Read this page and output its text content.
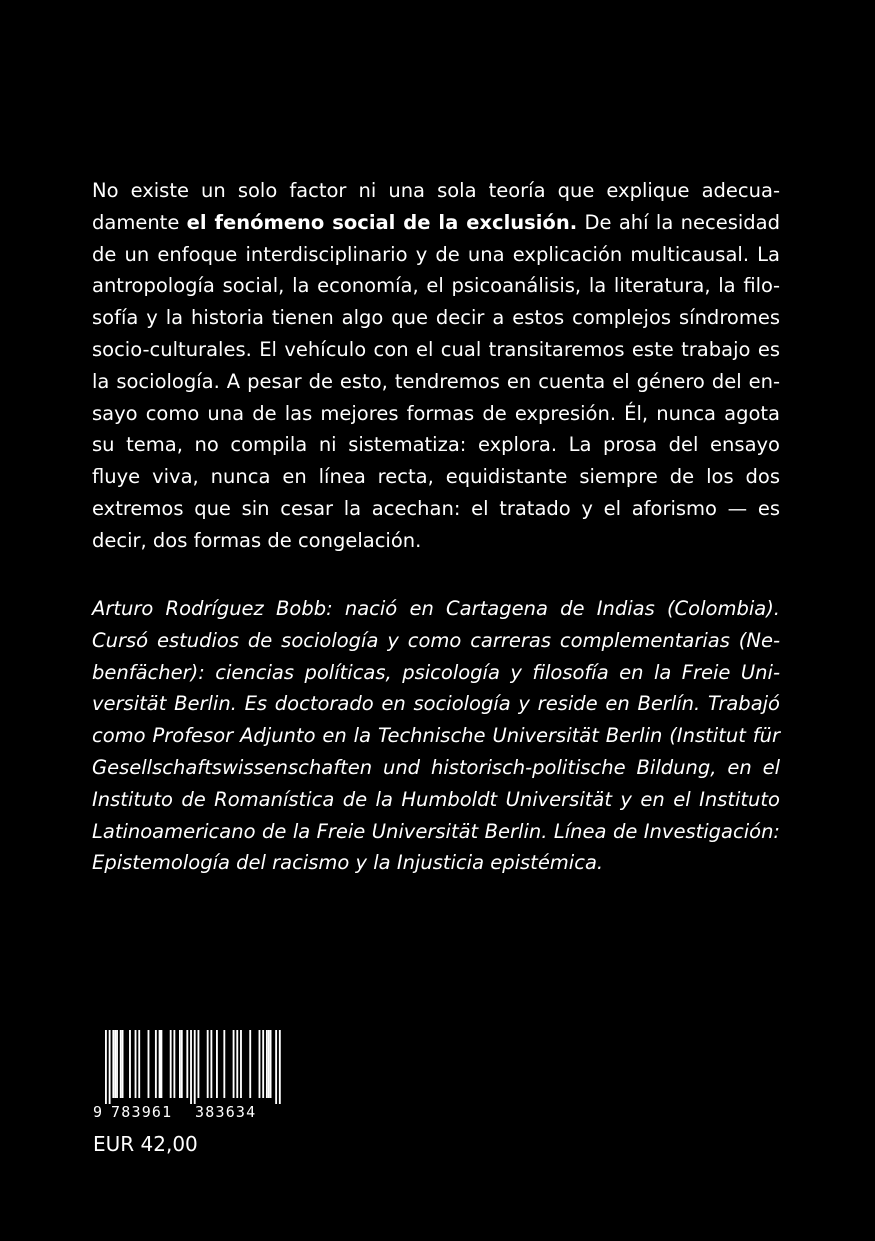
No existe un solo factor ni una sola teoría que explique adecuadamente el fenómeno social de la exclusión. De ahí la necesidad de un enfoque interdisciplinario y de una explicación multicausal. La antropología social, la economía, el psicoanálisis, la literatura, la filosofía y la historia tienen algo que decir a estos complejos síndromes socio-culturales. El vehículo con el cual transitaremos este trabajo es la sociología. A pesar de esto, tendremos en cuenta el género del ensayo como una de las mejores formas de expresión. Él, nunca agota su tema, no compila ni sistematiza: explora. La prosa del ensayo fluye viva, nunca en línea recta, equidistante siempre de los dos extremos que sin cesar la acechan: el tratado y el aforismo — es decir, dos formas de congelación.

Arturo Rodríguez Bobb: nació en Cartagena de Indias (Colombia). Cursó estudios de sociología y como carreras complementarias (Nebenfächer): ciencias políticas, psicología y filosofía en la Freie Universität Berlin. Es doctorado en sociología y reside en Berlín. Trabajó como Profesor Adjunto en la Technische Universität Berlin (Institut für Gesellschaftswissenschaften und historisch-politische Bildung, en el Instituto de Romanística de la Humboldt Universität y en el Instituto Latinoamericano de la Freie Universität Berlin. Línea de Investigación: Epistemología del racismo y la Injusticia epistémica.

9 783961 383634
EUR 42,00
